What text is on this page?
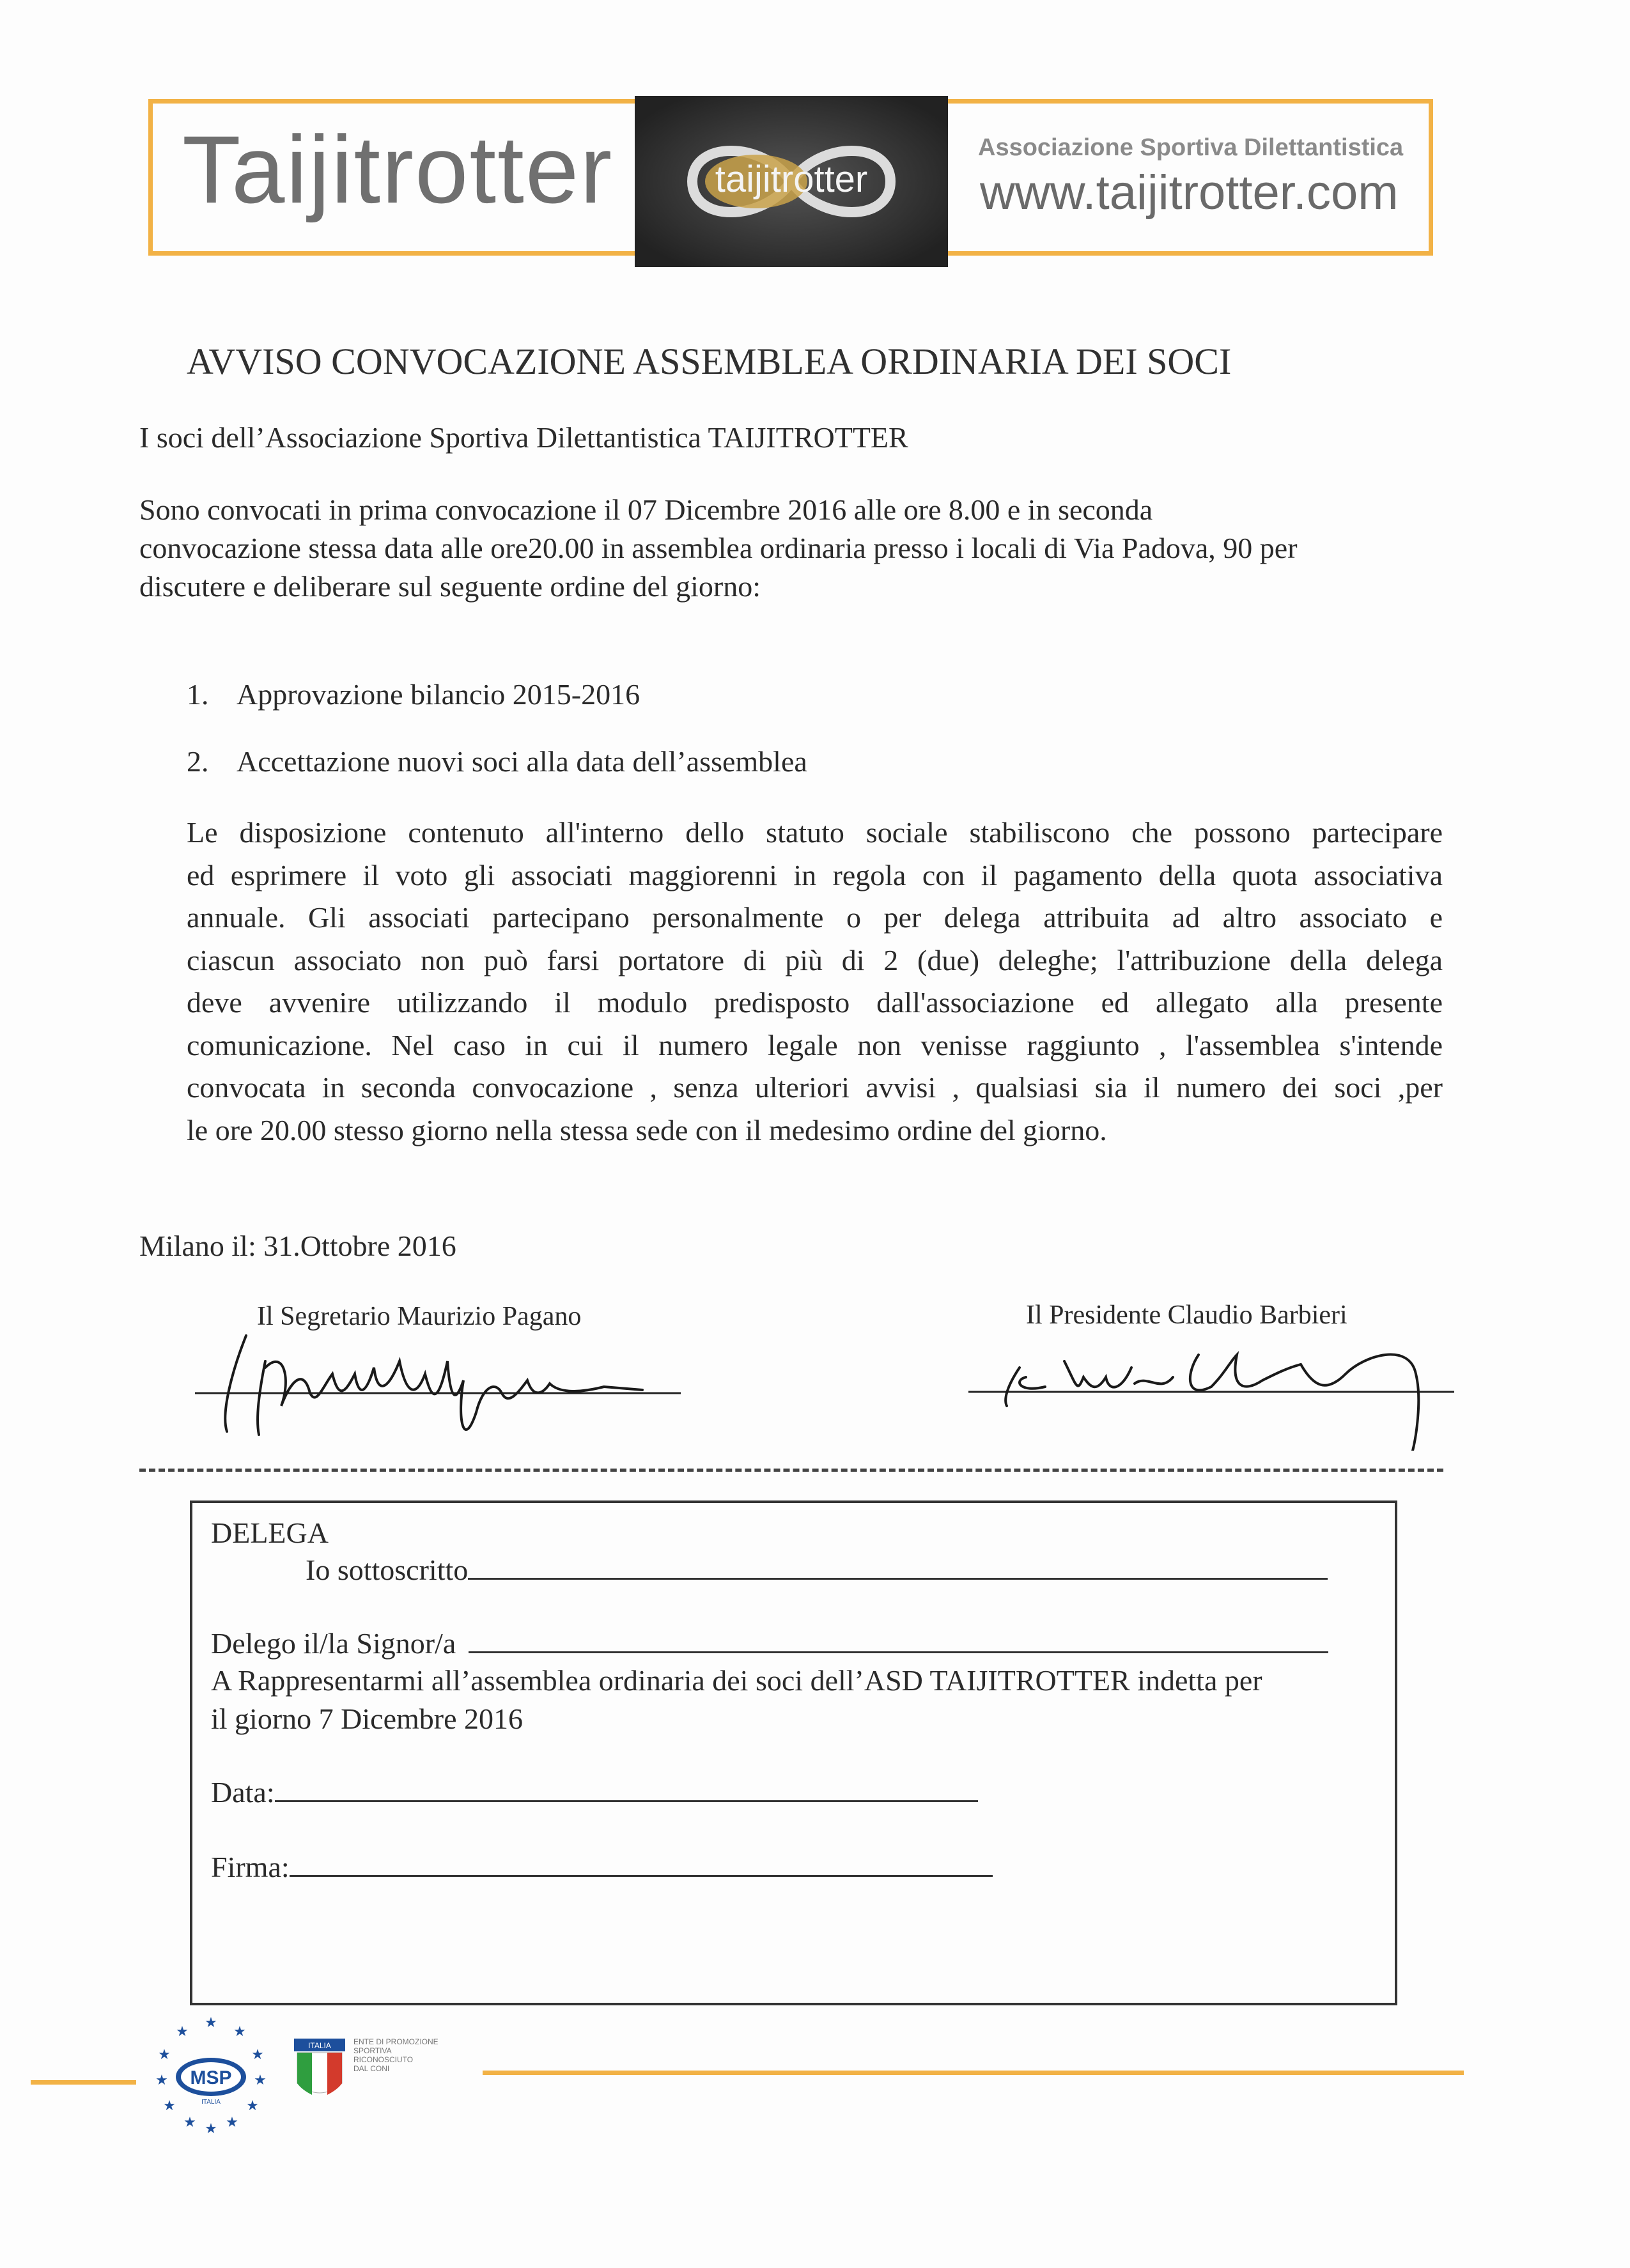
Taijitrotter	taijitrotter
Associazione Sportiva Dilettantistica
www.taijitrotter.com
AVVISO CONVOCAZIONE ASSEMBLEA ORDINARIA DEI SOCI
I soci dell’Associazione Sportiva Dilettantistica TAIJITROTTER
Sono convocati in prima convocazione il 07 Dicembre 2016 alle ore 8.00 e in seconda
convocazione stessa data alle ore20.00 in assemblea ordinaria presso i locali di Via Padova, 90 per
discutere e deliberare sul seguente ordine del giorno:
1. Approvazione bilancio 2015-2016
2. Accettazione nuovi soci alla data dell’assemblea
Le disposizione contenuto all'interno dello statuto sociale stabiliscono che possono partecipare
ed esprimere il voto gli associati maggiorenni in regola con il pagamento della quota associativa
annuale. Gli associati partecipano personalmente o per delega attribuita ad altro associato e
ciascun associato non può farsi portatore di più di 2 (due) deleghe; l'attribuzione della delega
deve avvenire utilizzando il modulo predisposto dall'associazione ed allegato alla presente
comunicazione. Nel caso in cui il numero legale non venisse raggiunto , l'assemblea s'intende
convocata in seconda convocazione , senza ulteriori avvisi , qualsiasi sia il numero dei soci ,per
le ore 20.00 stesso giorno nella stessa sede con il medesimo ordine del giorno.
Milano il: 31.Ottobre 2016
Il Segretario Maurizio Pagano	Il Presidente Claudio Barbieri
DELEGA
Io sottoscritto
Delego il/la Signor/a
A Rappresentarmi all’assemblea ordinaria dei soci dell’ASD TAIJITROTTER indetta per
il giorno 7 Dicembre 2016
Data:
Firma:
★
★
★
★
★
★
★
★
★
★
★
★
MSP
ITALIA
ITALIA	ENTE DI PROMOZIONE
SPORTIVA
RICONOSCIUTO
DAL CONI
